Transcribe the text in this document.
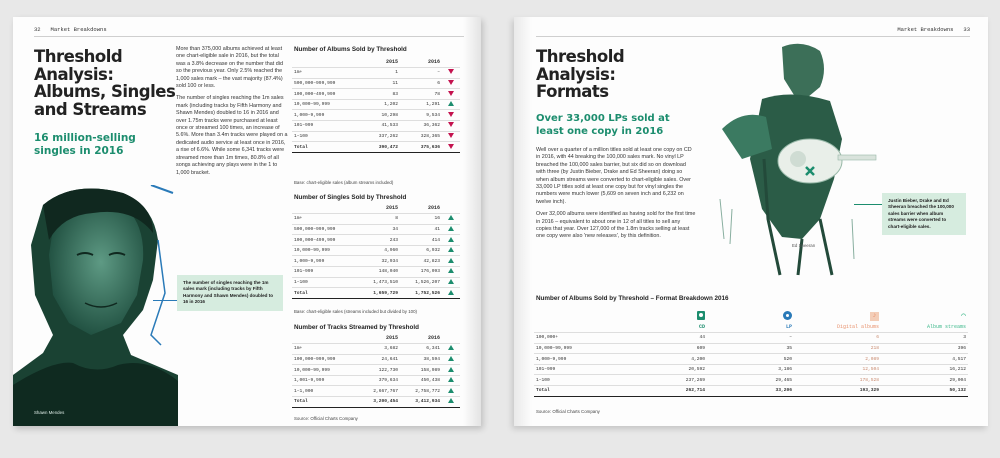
32 Market Breakdowns
Threshold
Analysis:
Albums, Singles
and Streams
16 million-selling
singles in 2016

More than 375,000 albums achieved at least one chart-eligible sale in 2016, but the total was a 3.8% decrease on the number that did so the previous year. Only 2.5% reached the 1,000 sales mark – the vast majority (87.4%) sold 100 or less.

The number of singles reaching the 1m sales mark (including tracks by Fifth Harmony and Shawn Mendes) doubled to 16 in 2016 and over 1.75m tracks were purchased at least once or streamed 100 times, an increase of 5.6%. More than 3.4m tracks were played on a dedicated audio service at least once in 2016, a rise of 6.6%. While some 6,341 tracks were streamed more than 1m times, 80.8% of all songs achieving any plays were in the 1 to 1,000 bracket.

Shawn Mendes
The number of singles reaching the 1m sales mark (including tracks by Fifth Harmony and Shawn Mendes) doubled to 16 in 2016
Number of Albums Sold by Threshold
	2015	2016	
1m+	1	–	
500,000–999,999	11	6	
100,000–499,999	83	78	
10,000–99,999	1,202	1,291	
1,000–9,999	10,298	9,534	
101–999	41,533	36,362	
1–100	337,262	328,365	
Total	390,472	375,636	
Base: chart-eligible sales (album streams included)
Number of Singles Sold by Threshold
	2015	2016	
1m+	8	16	
500,000–999,999	34	41	
100,000–499,999	243	414	
10,000–99,999	4,960	6,932	
1,000–9,999	32,934	42,823	
101–999	148,040	176,093	
1–100	1,473,510	1,526,207	
Total	1,659,729	1,752,526	
Base: chart-eligible sales (streams included but divided by 100)
Number of Tracks Streamed by Threshold
	2015	2016	
1m+	3,682	6,341	
100,000–999,999	24,641	38,594	
10,000–99,999	122,730	158,989	
1,001–9,999	379,634	450,438	
1–1,000	2,667,767	2,758,772	
Total	3,200,454	3,412,934	
Source: Official Charts Company
Market Breakdowns 33
Threshold
Analysis:
Formats
Over 33,000 LPs sold at
least one copy in 2016

Well over a quarter of a million titles sold at least one copy on CD in 2016, with 44 breaking the 100,000 sales mark. No vinyl LP breached the 100,000 sales barrier, but six did so on download with three (by Justin Bieber, Drake and Ed Sheeran) doing so when album streams were converted to chart-eligible sales. Over 33,000 LP titles sold at least one copy but for vinyl singles the numbers were much lower (5,609 on seven inch and 6,232 on twelve inch).

Over 32,000 albums were identified as having sold for the first time in 2016 – equivalent to about one in 12 of all titles to sell any copies that year. Over 127,000 of the 1.8m tracks selling at least one copy were also 'new releases', by this definition.

Ed Sheeran
Justin Bieber, Drake and Ed Sheeran breached the 100,000 sales barrier when album streams were converted to chart-eligible sales.
Number of Albums Sold by Threshold – Format Breakdown 2016

	♪	◠
	CD	LP	Digital albums	Album streams
100,000+	44	–	6	3
10,000–99,999	609	35	218	396
1,000–9,999	4,200	520	2,089	4,517
101–999	20,592	3,186	12,504	16,212
1–100	237,269	29,465	178,528	29,004
Total	262,714	33,206	193,329	50,132
Source: Official Charts Company
